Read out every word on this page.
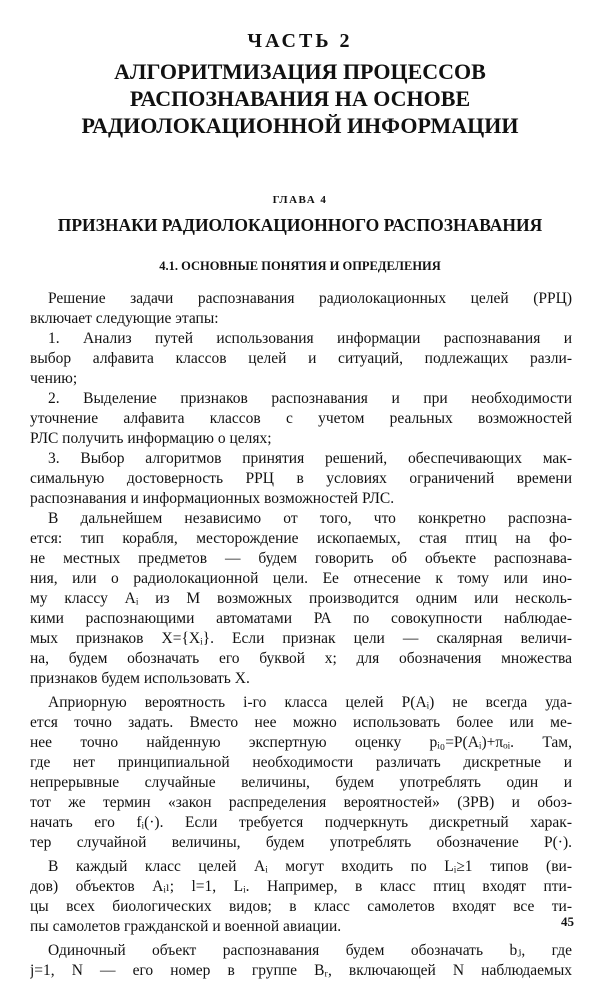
ЧАСТЬ 2
АЛГОРИТМИЗАЦИЯ ПРОЦЕССОВ
РАСПОЗНАВАНИЯ НА ОСНОВЕ
РАДИОЛОКАЦИОННОЙ ИНФОРМАЦИИ
ГЛАВА 4
ПРИЗНАКИ РАДИОЛОКАЦИОННОГО РАСПОЗНАВАНИЯ
4.1. ОСНОВНЫЕ ПОНЯТИЯ И ОПРЕДЕЛЕНИЯ
Решение задачи распознавания радиолокационных целей (РРЦ)
включает следующие этапы:
1. Анализ путей использования информации распознавания и
выбор алфавита классов целей и ситуаций, подлежащих разли-
чению;
2. Выделение признаков распознавания и при необходимости
уточнение алфавита классов с учетом реальных возможностей
РЛС получить информацию о целях;
3. Выбор алгоритмов принятия решений, обеспечивающих мак-
симальную достоверность РРЦ в условиях ограничений времени
распознавания и информационных возможностей РЛС.
В дальнейшем независимо от того, что конкретно распозна-
ется: тип корабля, месторождение ископаемых, стая птиц на фо-
не местных предметов — будем говорить об объекте распознава-
ния, или о радиолокационной цели. Ее отнесение к тому или ино-
му классу Aᵢ из M возможных производится одним или несколь-
кими распознающими автоматами РА по совокупности наблюдае-
мых признаков X={Xᵢ}. Если признак цели — скалярная величи-
на, будем обозначать его буквой x; для обозначения множества
признаков будем использовать X.
Априорную вероятность i-го класса целей P(Aᵢ) не всегда уда-
ется точно задать. Вместо нее можно использовать более или ме-
нее точно найденную экспертную оценку pᵢ₀=P(Aᵢ)+πₒᵢ. Там,
где нет принципиальной необходимости различать дискретные и
непрерывные случайные величины, будем употреблять один и
тот же термин «закон распределения вероятностей» (ЗРВ) и обоз-
начать его fᵢ(·). Если требуется подчеркнуть дискретный харак-
тер случайной величины, будем употреблять обозначение P(·).
В каждый класс целей Aᵢ могут входить по Lᵢ≥1 типов (ви-
дов) объектов Aᵢₗ; l=1, Lᵢ. Например, в класс птиц входят пти-
цы всех биологических видов; в класс самолетов входят все ти-
пы самолетов гражданской и военной авиации.
Одиночный объект распознавания будем обозначать bⱼ, где
j=1, N — его номер в группе Bᵣ, включающей N наблюдаемых
45
